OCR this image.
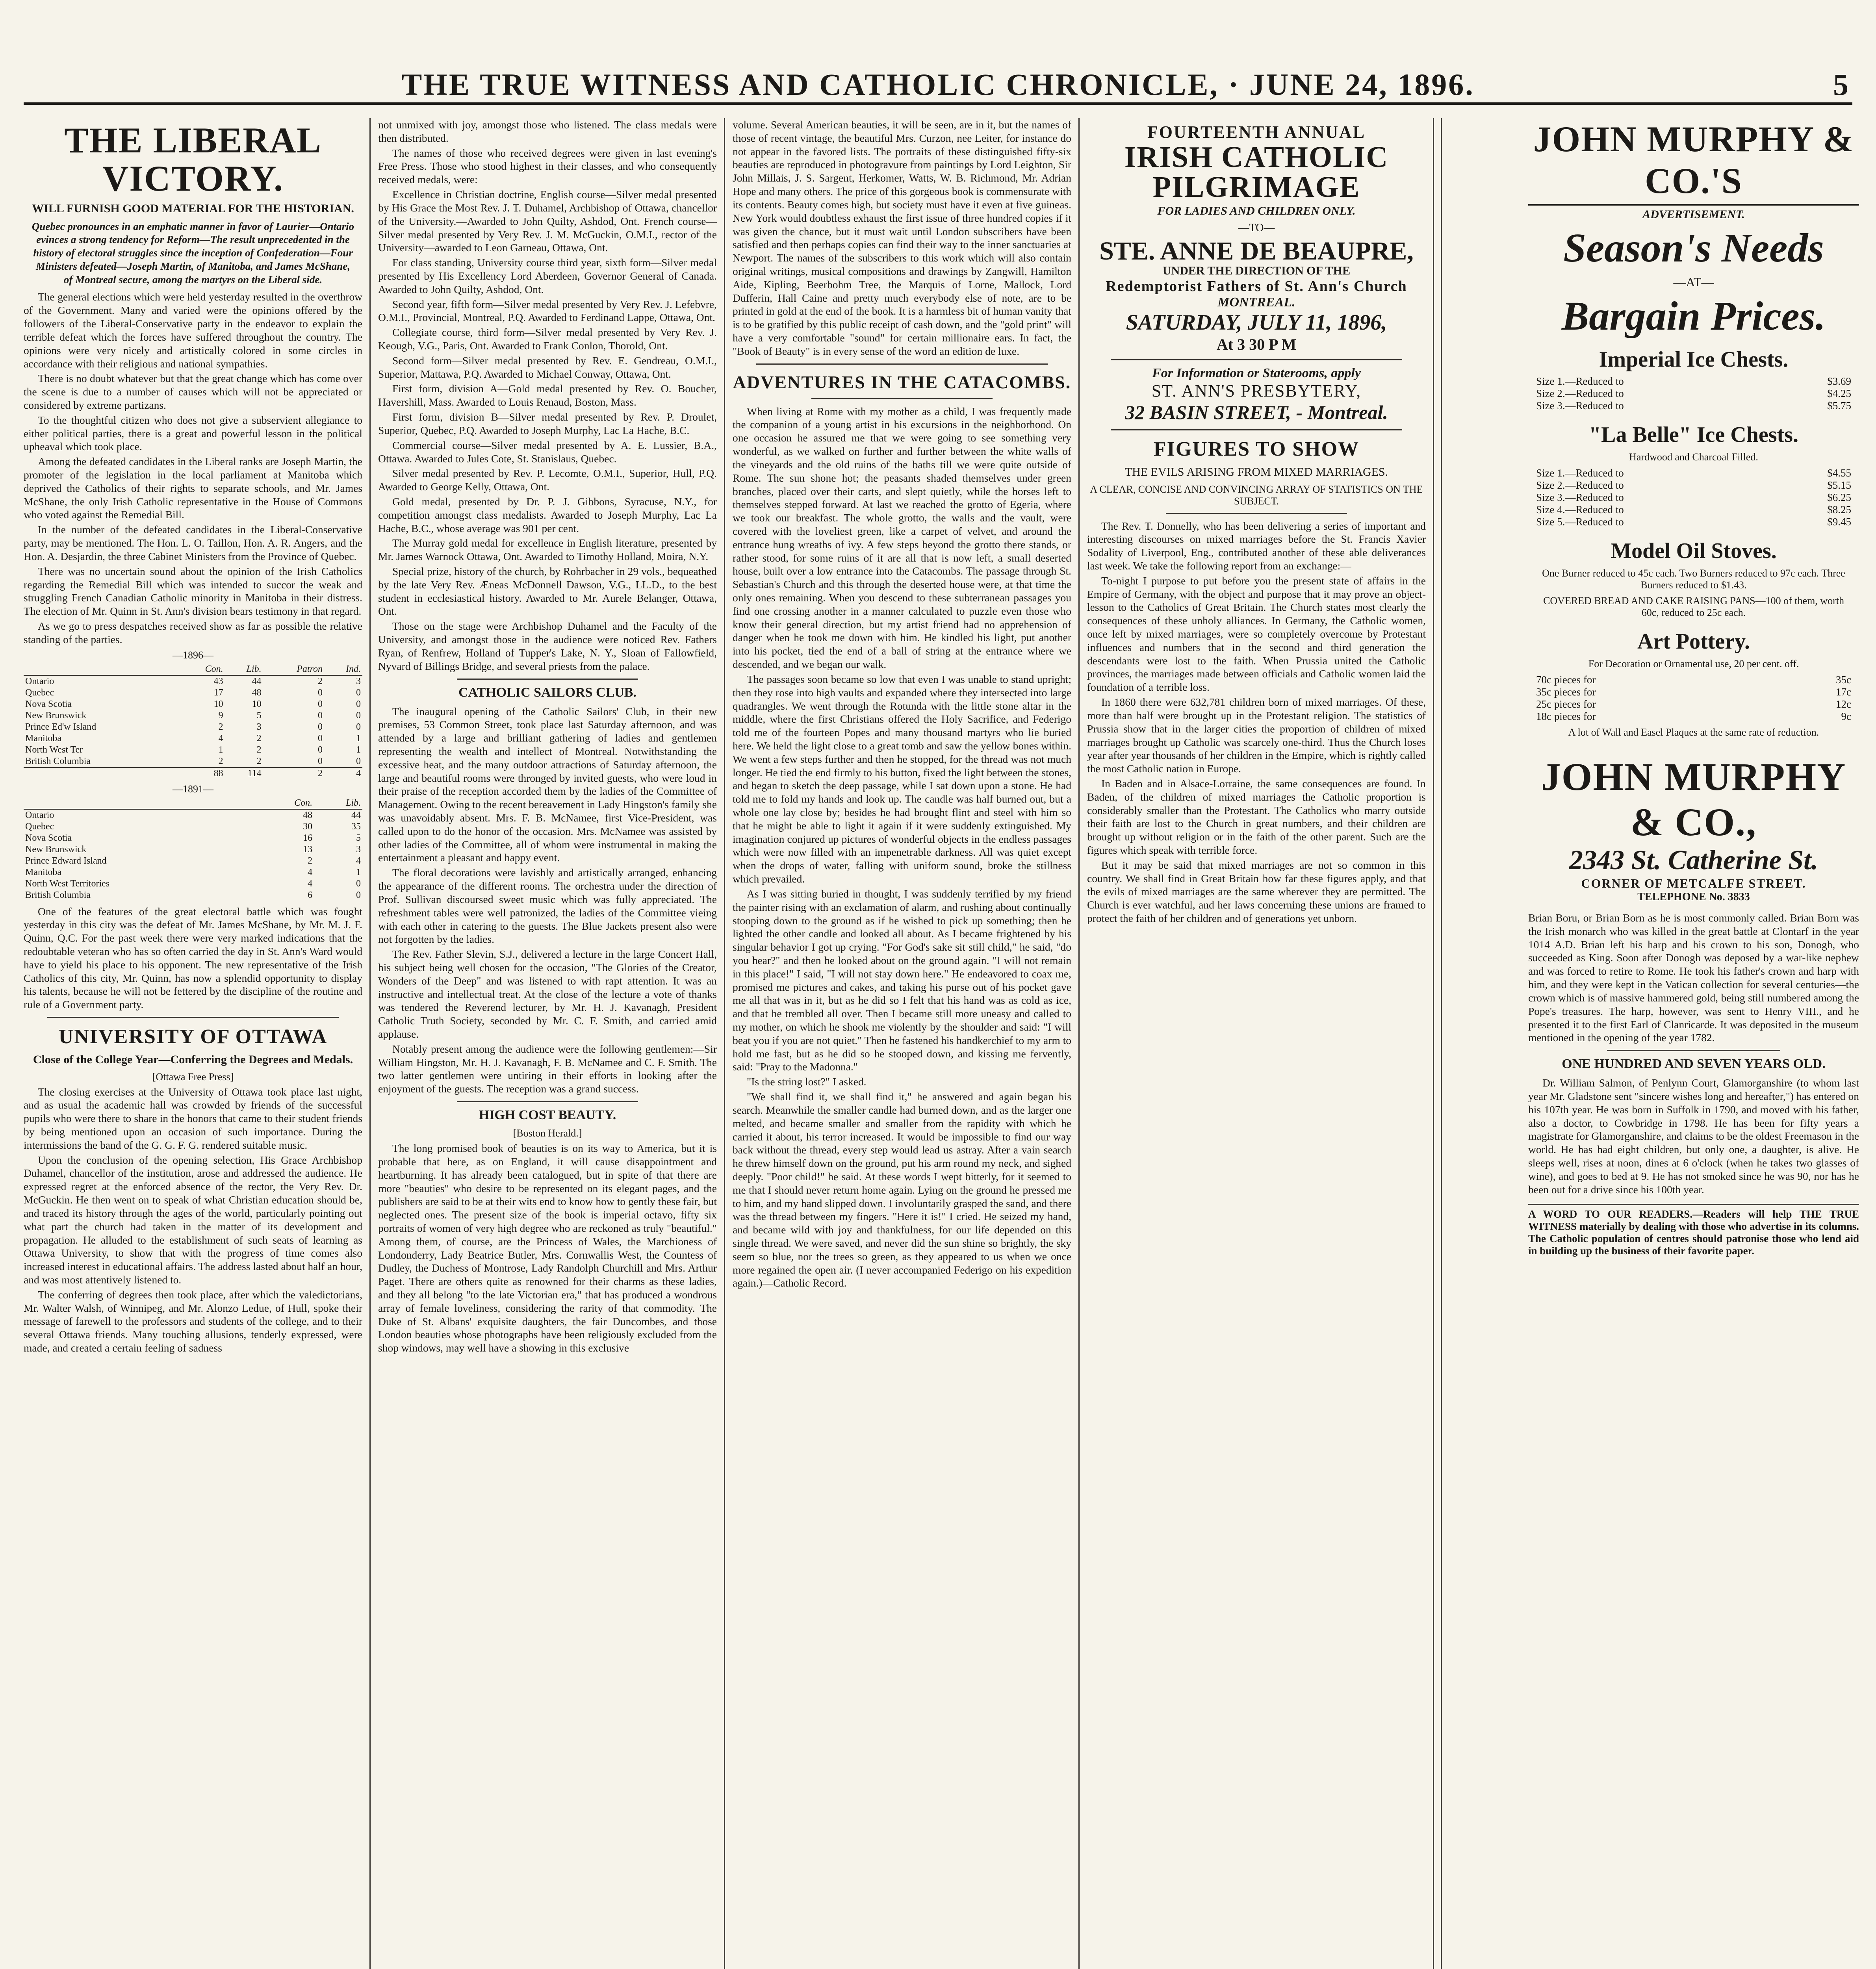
THE TRUE WITNESS AND CATHOLIC CHRONICLE, · JUNE 24, 1896.	5
THE LIBERAL VICTORY.
WILL FURNISH GOOD MATERIAL FOR THE HISTORIAN.
Quebec pronounces in an emphatic manner in favor of Laurier—Ontario evinces a strong tendency for Reform—The result unprecedented in the history of electoral struggles since the inception of Confederation—Four Ministers defeated—Joseph Martin, of Manitoba, and James McShane, of Montreal secure, among the martyrs on the Liberal side.

The general elections which were held yesterday resulted in the overthrow of the Government. Many and varied were the opinions offered by the followers of the Liberal-Conservative party in the endeavor to explain the terrible defeat which the forces have suffered throughout the country. The opinions were very nicely and artistically colored in some circles in accordance with their religious and national sympathies.

There is no doubt whatever but that the great change which has come over the scene is due to a number of causes which will not be appreciated or considered by extreme partizans.

To the thoughtful citizen who does not give a subservient allegiance to either political parties, there is a great and powerful lesson in the political upheaval which took place.

Among the defeated candidates in the Liberal ranks are Joseph Martin, the promoter of the legislation in the local parliament at Manitoba which deprived the Catholics of their rights to separate schools, and Mr. James McShane, the only Irish Catholic representative in the House of Commons who voted against the Remedial Bill.

In the number of the defeated candidates in the Liberal-Conservative party, may be mentioned. The Hon. L. O. Taillon, Hon. A. R. Angers, and the Hon. A. Desjardin, the three Cabinet Ministers from the Province of Quebec.

There was no uncertain sound about the opinion of the Irish Catholics regarding the Remedial Bill which was intended to succor the weak and struggling French Canadian Catholic minority in Manitoba in their distress. The election of Mr. Quinn in St. Ann's division bears testimony in that regard.

As we go to press despatches received show as far as possible the relative standing of the parties.

—1896—
	Con.	Lib.	Patron	Ind.
Ontario	43	44	2	3
Quebec	17	48	0	0
Nova Scotia	10	10	0	0
New Brunswick	9	5	0	0
Prince Ed'w Island	2	3	0	0
Manitoba	4	2	0	1
North West Ter	1	2	0	1
British Columbia	2	2	0	0
	88	114	2	4
—1891—
	Con.	Lib.
Ontario	48	44
Quebec	30	35
Nova Scotia	16	5
New Brunswick	13	3
Prince Edward Island	2	4
Manitoba	4	1
North West Territories	4	0
British Columbia	6	0

One of the features of the great electoral battle which was fought yesterday in this city was the defeat of Mr. James McShane, by Mr. M. J. F. Quinn, Q.C. For the past week there were very marked indications that the redoubtable veteran who has so often carried the day in St. Ann's Ward would have to yield his place to his opponent. The new representative of the Irish Catholics of this city, Mr. Quinn, has now a splendid opportunity to display his talents, because he will not be fettered by the discipline of the routine and rule of a Government party.

UNIVERSITY OF OTTAWA
Close of the College Year—Conferring the Degrees and Medals.
[Ottawa Free Press]

The closing exercises at the University of Ottawa took place last night, and as usual the academic hall was crowded by friends of the successful pupils who were there to share in the honors that came to their student friends by being mentioned upon an occasion of such importance. During the intermissions the band of the G. G. F. G. rendered suitable music.

Upon the conclusion of the opening selection, His Grace Archbishop Duhamel, chancellor of the institution, arose and addressed the audience. He expressed regret at the enforced absence of the rector, the Very Rev. Dr. McGuckin. He then went on to speak of what Christian education should be, and traced its history through the ages of the world, particularly pointing out what part the church had taken in the matter of its development and propagation. He alluded to the establishment of such seats of learning as Ottawa University, to show that with the progress of time comes also increased interest in educational affairs. The address lasted about half an hour, and was most attentively listened to.

The conferring of degrees then took place, after which the valedictorians, Mr. Walter Walsh, of Winnipeg, and Mr. Alonzo Ledue, of Hull, spoke their message of farewell to the professors and students of the college, and to their several Ottawa friends. Many touching allusions, tenderly expressed, were made, and created a certain feeling of sadness

not unmixed with joy, amongst those who listened. The class medals were then distributed.

The names of those who received degrees were given in last evening's Free Press. Those who stood highest in their classes, and who consequently received medals, were:

Excellence in Christian doctrine, English course—Silver medal presented by His Grace the Most Rev. J. T. Duhamel, Archbishop of Ottawa, chancellor of the University.—Awarded to John Quilty, Ashdod, Ont. French course—Silver medal presented by Very Rev. J. M. McGuckin, O.M.I., rector of the University—awarded to Leon Garneau, Ottawa, Ont.

For class standing, University course third year, sixth form—Silver medal presented by His Excellency Lord Aberdeen, Governor General of Canada. Awarded to John Quilty, Ashdod, Ont.

Second year, fifth form—Silver medal presented by Very Rev. J. Lefebvre, O.M.I., Provincial, Montreal, P.Q. Awarded to Ferdinand Lappe, Ottawa, Ont.

Collegiate course, third form—Silver medal presented by Very Rev. J. Keough, V.G., Paris, Ont. Awarded to Frank Conlon, Thorold, Ont.

Second form—Silver medal presented by Rev. E. Gendreau, O.M.I., Superior, Mattawa, P.Q. Awarded to Michael Conway, Ottawa, Ont.

First form, division A—Gold medal presented by Rev. O. Boucher, Havershill, Mass. Awarded to Louis Renaud, Boston, Mass.

First form, division B—Silver medal presented by Rev. P. Droulet, Superior, Quebec, P.Q. Awarded to Joseph Murphy, Lac La Hache, B.C.

Commercial course—Silver medal presented by A. E. Lussier, B.A., Ottawa. Awarded to Jules Cote, St. Stanislaus, Quebec.

Silver medal presented by Rev. P. Lecomte, O.M.I., Superior, Hull, P.Q. Awarded to George Kelly, Ottawa, Ont.

Gold medal, presented by Dr. P. J. Gibbons, Syracuse, N.Y., for competition amongst class medalists. Awarded to Joseph Murphy, Lac La Hache, B.C., whose average was 901 per cent.

The Murray gold medal for excellence in English literature, presented by Mr. James Warnock Ottawa, Ont. Awarded to Timothy Holland, Moira, N.Y.

Special prize, history of the church, by Rohrbacher in 29 vols., bequeathed by the late Very Rev. Æneas McDonnell Dawson, V.G., LL.D., to the best student in ecclesiastical history. Awarded to Mr. Aurele Belanger, Ottawa, Ont.

Those on the stage were Archbishop Duhamel and the Faculty of the University, and amongst those in the audience were noticed Rev. Fathers Ryan, of Renfrew, Holland of Tupper's Lake, N. Y., Sloan of Fallowfield, Nyvard of Billings Bridge, and several priests from the palace.

CATHOLIC SAILORS CLUB.

The inaugural opening of the Catholic Sailors' Club, in their new premises, 53 Common Street, took place last Saturday afternoon, and was attended by a large and brilliant gathering of ladies and gentlemen representing the wealth and intellect of Montreal. Notwithstanding the excessive heat, and the many outdoor attractions of Saturday afternoon, the large and beautiful rooms were thronged by invited guests, who were loud in their praise of the reception accorded them by the ladies of the Committee of Management. Owing to the recent bereavement in Lady Hingston's family she was unavoidably absent. Mrs. F. B. McNamee, first Vice-President, was called upon to do the honor of the occasion. Mrs. McNamee was assisted by other ladies of the Committee, all of whom were instrumental in making the entertainment a pleasant and happy event.

The floral decorations were lavishly and artistically arranged, enhancing the appearance of the different rooms. The orchestra under the direction of Prof. Sullivan discoursed sweet music which was fully appreciated. The refreshment tables were well patronized, the ladies of the Committee vieing with each other in catering to the guests. The Blue Jackets present also were not forgotten by the ladies.

The Rev. Father Slevin, S.J., delivered a lecture in the large Concert Hall, his subject being well chosen for the occasion, "The Glories of the Creator, Wonders of the Deep" and was listened to with rapt attention. It was an instructive and intellectual treat. At the close of the lecture a vote of thanks was tendered the Reverend lecturer, by Mr. H. J. Kavanagh, President Catholic Truth Society, seconded by Mr. C. F. Smith, and carried amid applause.

Notably present among the audience were the following gentlemen:—Sir William Hingston, Mr. H. J. Kavanagh, F. B. McNamee and C. F. Smith. The two latter gentlemen were untiring in their efforts in looking after the enjoyment of the guests. The reception was a grand success.

HIGH COST BEAUTY.
[Boston Herald.]

The long promised book of beauties is on its way to America, but it is probable that here, as on England, it will cause disappointment and heartburning. It has already been catalogued, but in spite of that there are more "beauties" who desire to be represented on its elegant pages, and the publishers are said to be at their wits end to know how to gently these fair, but neglected ones. The present size of the book is imperial octavo, fifty six portraits of women of very high degree who are reckoned as truly "beautiful." Among them, of course, are the Princess of Wales, the Marchioness of Londonderry, Lady Beatrice Butler, Mrs. Cornwallis West, the Countess of Dudley, the Duchess of Montrose, Lady Randolph Churchill and Mrs. Arthur Paget. There are others quite as renowned for their charms as these ladies, and they all belong "to the late Victorian era," that has produced a wondrous array of female loveliness, considering the rarity of that commodity. The Duke of St. Albans' exquisite daughters, the fair Duncombes, and those London beauties whose photographs have been religiously excluded from the shop windows, may well have a showing in this exclusive

volume. Several American beauties, it will be seen, are in it, but the names of those of recent vintage, the beautiful Mrs. Curzon, nee Leiter, for instance do not appear in the favored lists. The portraits of these distinguished fifty-six beauties are reproduced in photogravure from paintings by Lord Leighton, Sir John Millais, J. S. Sargent, Herkomer, Watts, W. B. Richmond, Mr. Adrian Hope and many others. The price of this gorgeous book is commensurate with its contents. Beauty comes high, but society must have it even at five guineas. New York would doubtless exhaust the first issue of three hundred copies if it was given the chance, but it must wait until London subscribers have been satisfied and then perhaps copies can find their way to the inner sanctuaries at Newport. The names of the subscribers to this work which will also contain original writings, musical compositions and drawings by Zangwill, Hamilton Aide, Kipling, Beerbohm Tree, the Marquis of Lorne, Mallock, Lord Dufferin, Hall Caine and pretty much everybody else of note, are to be printed in gold at the end of the book. It is a harmless bit of human vanity that is to be gratified by this public receipt of cash down, and the "gold print" will have a very comfortable "sound" for certain millionaire ears. In fact, the "Book of Beauty" is in every sense of the word an edition de luxe.

ADVENTURES IN THE CATACOMBS.

When living at Rome with my mother as a child, I was frequently made the companion of a young artist in his excursions in the neighborhood. On one occasion he assured me that we were going to see something very wonderful, as we walked on further and further between the white walls of the vineyards and the old ruins of the baths till we were quite outside of Rome. The sun shone hot; the peasants shaded themselves under green branches, placed over their carts, and slept quietly, while the horses left to themselves stepped forward. At last we reached the grotto of Egeria, where we took our breakfast. The whole grotto, the walls and the vault, were covered with the loveliest green, like a carpet of velvet, and around the entrance hung wreaths of ivy. A few steps beyond the grotto there stands, or rather stood, for some ruins of it are all that is now left, a small deserted house, built over a low entrance into the Catacombs. The passage through St. Sebastian's Church and this through the deserted house were, at that time the only ones remaining. When you descend to these subterranean passages you find one crossing another in a manner calculated to puzzle even those who know their general direction, but my artist friend had no apprehension of danger when he took me down with him. He kindled his light, put another into his pocket, tied the end of a ball of string at the entrance where we descended, and we began our walk.

The passages soon became so low that even I was unable to stand upright; then they rose into high vaults and expanded where they intersected into large quadrangles. We went through the Rotunda with the little stone altar in the middle, where the first Christians offered the Holy Sacrifice, and Federigo told me of the fourteen Popes and many thousand martyrs who lie buried here. We held the light close to a great tomb and saw the yellow bones within. We went a few steps further and then he stopped, for the thread was not much longer. He tied the end firmly to his button, fixed the light between the stones, and began to sketch the deep passage, while I sat down upon a stone. He had told me to fold my hands and look up. The candle was half burned out, but a whole one lay close by; besides he had brought flint and steel with him so that he might be able to light it again if it were suddenly extinguished. My imagination conjured up pictures of wonderful objects in the endless passages which were now filled with an impenetrable darkness. All was quiet except when the drops of water, falling with uniform sound, broke the stillness which prevailed.

As I was sitting buried in thought, I was suddenly terrified by my friend the painter rising with an exclamation of alarm, and rushing about continually stooping down to the ground as if he wished to pick up something; then he lighted the other candle and looked all about. As I became frightened by his singular behavior I got up crying. "For God's sake sit still child," he said, "do you hear?" and then he looked about on the ground again. "I will not remain in this place!" I said, "I will not stay down here." He endeavored to coax me, promised me pictures and cakes, and taking his purse out of his pocket gave me all that was in it, but as he did so I felt that his hand was as cold as ice, and that he trembled all over. Then I became still more uneasy and called to my mother, on which he shook me violently by the shoulder and said: "I will beat you if you are not quiet." Then he fastened his handkerchief to my arm to hold me fast, but as he did so he stooped down, and kissing me fervently, said: "Pray to the Madonna."

"Is the string lost?" I asked.

"We shall find it, we shall find it," he answered and again began his search. Meanwhile the smaller candle had burned down, and as the larger one melted, and became smaller and smaller from the rapidity with which he carried it about, his terror increased. It would be impossible to find our way back without the thread, every step would lead us astray. After a vain search he threw himself down on the ground, put his arm round my neck, and sighed deeply. "Poor child!" he said. At these words I wept bitterly, for it seemed to me that I should never return home again. Lying on the ground he pressed me to him, and my hand slipped down. I involuntarily grasped the sand, and there was the thread between my fingers. "Here it is!" I cried. He seized my hand, and became wild with joy and thankfulness, for our life depended on this single thread. We were saved, and never did the sun shine so brightly, the sky seem so blue, nor the trees so green, as they appeared to us when we once more regained the open air. (I never accompanied Federigo on his expedition again.)—Catholic Record.

FOURTEENTH ANNUAL
IRISH CATHOLIC PILGRIMAGE
FOR LADIES AND CHILDREN ONLY.
—TO—
STE. ANNE DE BEAUPRE,
UNDER THE DIRECTION OF THE
Redemptorist Fathers of St. Ann's Church
MONTREAL.
SATURDAY, JULY 11, 1896,
At 3 30 P M
For Information or Staterooms, apply
ST. ANN'S PRESBYTERY,
32 BASIN STREET, - Montreal.
FIGURES TO SHOW
THE EVILS ARISING FROM MIXED MARRIAGES.
A CLEAR, CONCISE AND CONVINCING ARRAY OF STATISTICS ON THE SUBJECT.

The Rev. T. Donnelly, who has been delivering a series of important and interesting discourses on mixed marriages before the St. Francis Xavier Sodality of Liverpool, Eng., contributed another of these able deliverances last week. We take the following report from an exchange:—

To-night I purpose to put before you the present state of affairs in the Empire of Germany, with the object and purpose that it may prove an object-lesson to the Catholics of Great Britain. The Church states most clearly the consequences of these unholy alliances. In Germany, the Catholic women, once left by mixed marriages, were so completely overcome by Protestant influences and numbers that in the second and third generation the descendants were lost to the faith. When Prussia united the Catholic provinces, the marriages made between officials and Catholic women laid the foundation of a terrible loss.

In 1860 there were 632,781 children born of mixed marriages. Of these, more than half were brought up in the Protestant religion. The statistics of Prussia show that in the larger cities the proportion of children of mixed marriages brought up Catholic was scarcely one-third. Thus the Church loses year after year thousands of her children in the Empire, which is rightly called the most Catholic nation in Europe.

In Baden and in Alsace-Lorraine, the same consequences are found. In Baden, of the children of mixed marriages the Catholic proportion is considerably smaller than the Protestant. The Catholics who marry outside their faith are lost to the Church in great numbers, and their children are brought up without religion or in the faith of the other parent. Such are the figures which speak with terrible force.

But it may be said that mixed marriages are not so common in this country. We shall find in Great Britain how far these figures apply, and that the evils of mixed marriages are the same wherever they are permitted. The Church is ever watchful, and her laws concerning these unions are framed to protect the faith of her children and of generations yet unborn.

JOHN MURPHY & CO.'S
ADVERTISEMENT.
Season's Needs
—AT—
Bargain Prices.
Imperial Ice Chests.
Size 1.—Reduced to	$3.69
Size 2.—Reduced to	$4.25
Size 3.—Reduced to	$5.75
"La Belle" Ice Chests.
Hardwood and Charcoal Filled.
Size 1.—Reduced to	$4.55
Size 2.—Reduced to	$5.15
Size 3.—Reduced to	$6.25
Size 4.—Reduced to	$8.25
Size 5.—Reduced to	$9.45
Model Oil Stoves.
One Burner reduced to 45c each. Two Burners reduced to 97c each. Three Burners reduced to $1.43.
COVERED BREAD AND CAKE RAISING PANS—100 of them, worth 60c, reduced to 25c each.
Art Pottery.
For Decoration or Ornamental use, 20 per cent. off.
70c pieces for	35c
35c pieces for	17c
25c pieces for	12c
18c pieces for	9c
A lot of Wall and Easel Plaques at the same rate of reduction.
JOHN MURPHY & CO.,
2343 St. Catherine St.
CORNER OF METCALFE STREET.
TELEPHONE No. 3833

Brian Boru, or Brian Born as he is most commonly called. Brian Born was the Irish monarch who was killed in the great battle at Clontarf in the year 1014 A.D. Brian left his harp and his crown to his son, Donogh, who succeeded as King. Soon after Donogh was deposed by a war-like nephew and was forced to retire to Rome. He took his father's crown and harp with him, and they were kept in the Vatican collection for several centuries—the crown which is of massive hammered gold, being still numbered among the Pope's treasures. The harp, however, was sent to Henry VIII., and he presented it to the first Earl of Clanricarde. It was deposited in the museum mentioned in the opening of the year 1782.

ONE HUNDRED AND SEVEN YEARS OLD.

Dr. William Salmon, of Penlynn Court, Glamorganshire (to whom last year Mr. Gladstone sent "sincere wishes long and hereafter,") has entered on his 107th year. He was born in Suffolk in 1790, and moved with his father, also a doctor, to Cowbridge in 1798. He has been for fifty years a magistrate for Glamorganshire, and claims to be the oldest Freemason in the world. He has had eight children, but only one, a daughter, is alive. He sleeps well, rises at noon, dines at 6 o'clock (when he takes two glasses of wine), and goes to bed at 9. He has not smoked since he was 90, nor has he been out for a drive since his 100th year.

A WORD TO OUR READERS.—Readers will help THE TRUE WITNESS materially by dealing with those who advertise in its columns. The Catholic population of centres should patronise those who lend aid in building up the business of their favorite paper.
